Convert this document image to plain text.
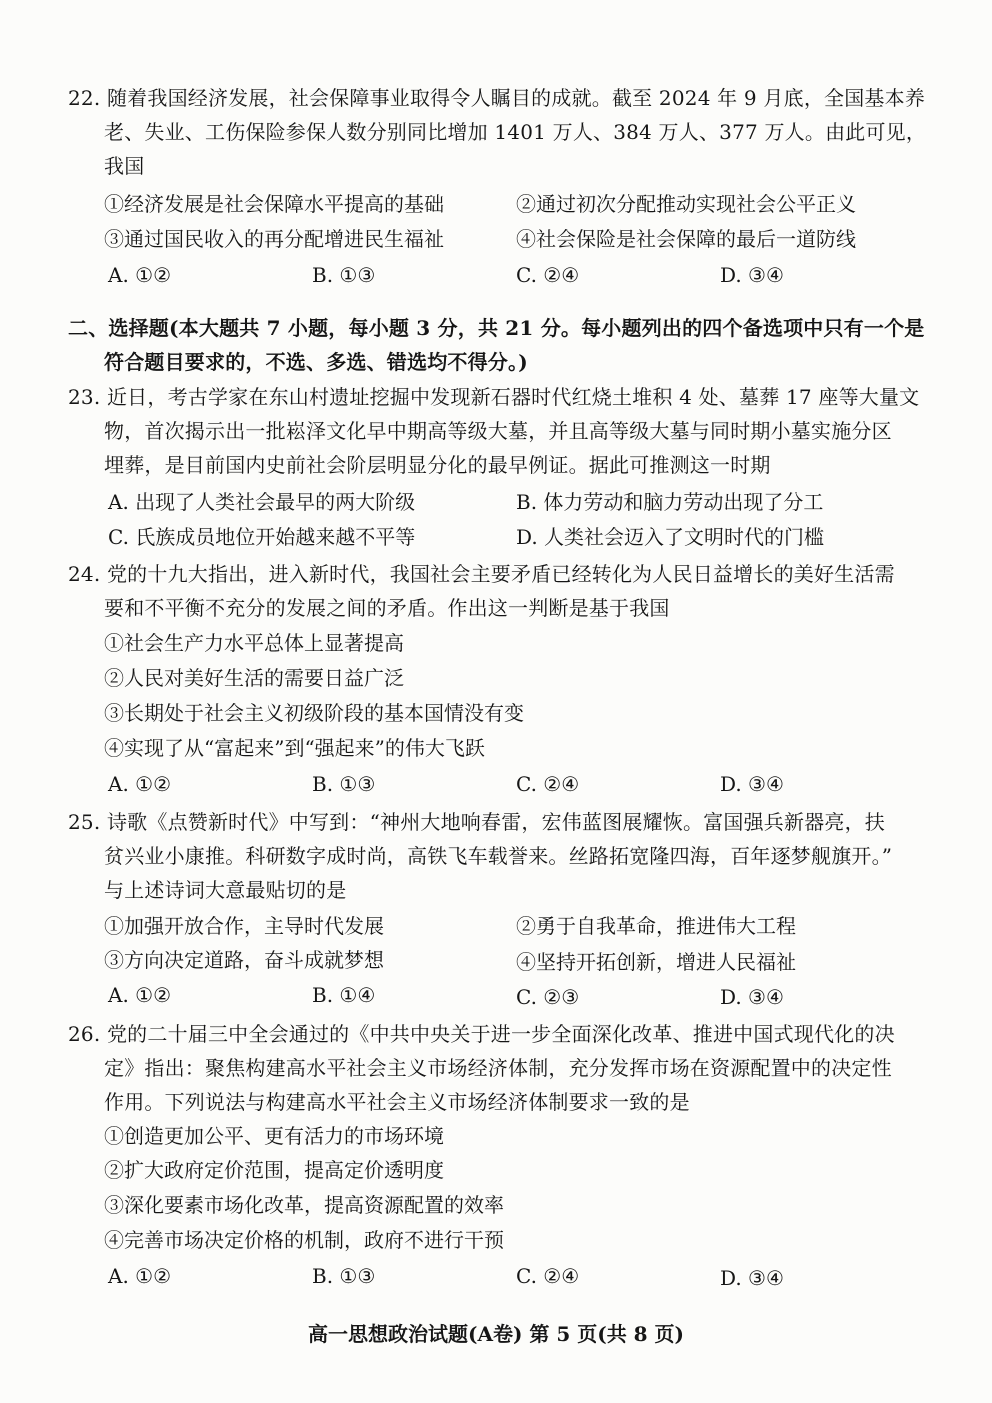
22. 随着我国经济发展，社会保障事业取得令人瞩目的成就。截至 2024 年 9 月底，全国基本养
老、失业、工伤保险参保人数分别同比增加 1401 万人、384 万人、377 万人。由此可见，
我国
①经济发展是社会保障水平提高的基础	②通过初次分配推动实现社会公平正义
③通过国民收入的再分配增进民生福祉	④社会保险是社会保障的最后一道防线
A. ①②	B. ①③	C. ②④	D. ③④
二、选择题(本大题共 7 小题，每小题 3 分，共 21 分。每小题列出的四个备选项中只有一个是
符合题目要求的，不选、多选、错选均不得分。)
23. 近日，考古学家在东山村遗址挖掘中发现新石器时代红烧土堆积 4 处、墓葬 17 座等大量文
物，首次揭示出一批崧泽文化早中期高等级大墓，并且高等级大墓与同时期小墓实施分区
埋葬，是目前国内史前社会阶层明显分化的最早例证。据此可推测这一时期
A. 出现了人类社会最早的两大阶级	B. 体力劳动和脑力劳动出现了分工
C. 氏族成员地位开始越来越不平等	D. 人类社会迈入了文明时代的门槛
24. 党的十九大指出，进入新时代，我国社会主要矛盾已经转化为人民日益增长的美好生活需
要和不平衡不充分的发展之间的矛盾。作出这一判断是基于我国
①社会生产力水平总体上显著提高
②人民对美好生活的需要日益广泛
③长期处于社会主义初级阶段的基本国情没有变
④实现了从“富起来”到“强起来”的伟大飞跃
A. ①②	B. ①③	C. ②④	D. ③④
25. 诗歌《点赞新时代》中写到：“神州大地响春雷，宏伟蓝图展耀恢。富国强兵新器亮，扶
贫兴业小康推。科研数字成时尚，高铁飞车载誉来。丝路拓宽隆四海，百年逐梦舰旗开。”
与上述诗词大意最贴切的是
①加强开放合作，主导时代发展	②勇于自我革命，推进伟大工程
③方向决定道路，奋斗成就梦想	④坚持开拓创新，增进人民福祉
A. ①②	B. ①④	C. ②③	D. ③④
26. 党的二十届三中全会通过的《中共中央关于进一步全面深化改革、推进中国式现代化的决
定》指出：聚焦构建高水平社会主义市场经济体制，充分发挥市场在资源配置中的决定性
作用。下列说法与构建高水平社会主义市场经济体制要求一致的是
①创造更加公平、更有活力的市场环境
②扩大政府定价范围，提高定价透明度
③深化要素市场化改革，提高资源配置的效率
④完善市场决定价格的机制，政府不进行干预
A. ①②	B. ①③	C. ②④	D. ③④
高一思想政治试题(A卷) 第 5 页(共 8 页)
